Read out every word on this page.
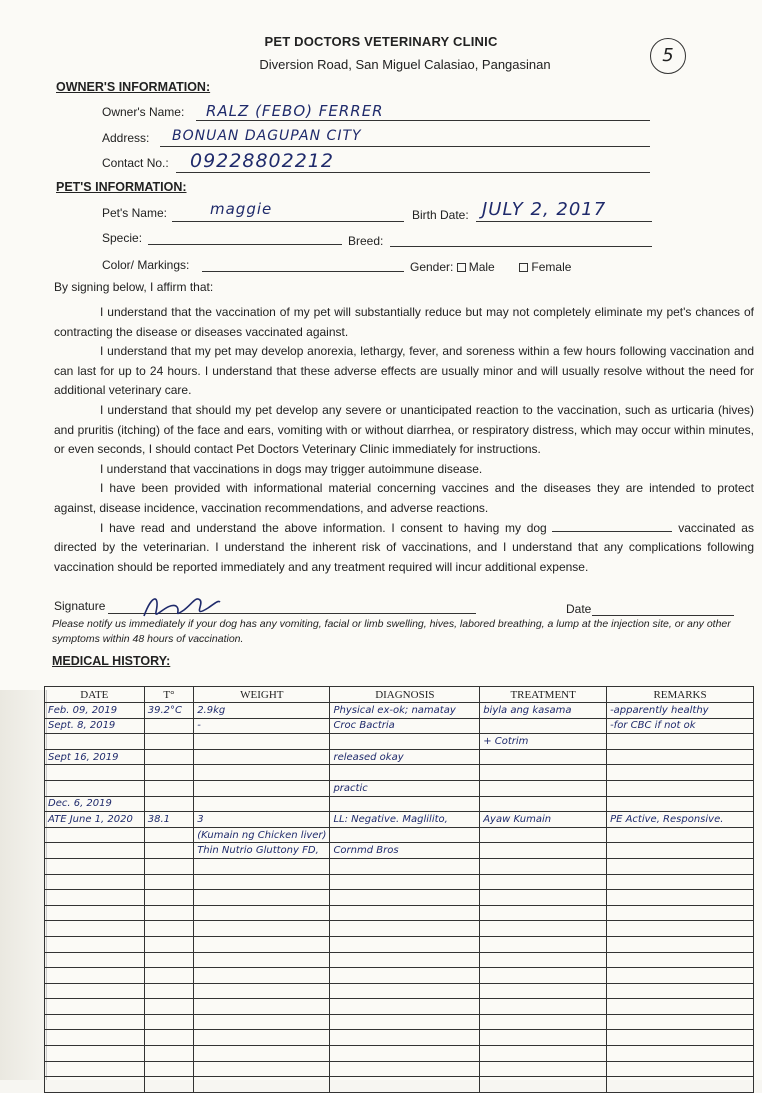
5
PET DOCTORS VETERINARY CLINIC
Diversion Road, San Miguel Calasiao, Pangasinan
OWNER'S INFORMATION:
Owner's Name: RALZ (FEBO) FERRER
Address: BONUAN DAGUPAN CITY
Contact No.: 09228802212
PET'S INFORMATION:
Pet's Name:	maggie	Birth Date: JULY 2, 2017
Specie:	Breed:
Color/ Markings:	Gender: Male	Female
By signing below, I affirm that:

I understand that the vaccination of my pet will substantially reduce but may not completely eliminate my pet's chances of contracting the disease or diseases vaccinated against.

I understand that my pet may develop anorexia, lethargy, fever, and soreness within a few hours following vaccination and can last for up to 24 hours. I understand that these adverse effects are usually minor and will usually resolve without the need for additional veterinary care.

I understand that should my pet develop any severe or unanticipated reaction to the vaccination, such as urticaria (hives) and pruritis (itching) of the face and ears, vomiting with or without diarrhea, or respiratory distress, which may occur within minutes, or even seconds, I should contact Pet Doctors Veterinary Clinic immediately for instructions.

I understand that vaccinations in dogs may trigger autoimmune disease.

I have been provided with informational material concerning vaccines and the diseases they are intended to protect against, disease incidence, vaccination recommendations, and adverse reactions.

I have read and understand the above information. I consent to having my dog	vaccinated as directed by the veterinarian. I understand the inherent risk of vaccinations, and I understand that any complications following vaccination should be reported immediately and any treatment required will incur additional expense.

Signature	Date
Please notify us immediately if your dog has any vomiting, facial or limb swelling, hives, labored breathing, a lump at the injection site, or any other symptoms within 48 hours of vaccination.
MEDICAL HISTORY:
DATE	T°	WEIGHT	DIAGNOSIS	TREATMENT	REMARKS
Feb. 09, 2019	39.2°C	2.9kg	Physical ex-ok; namatay	biyla ang kasama	-apparently healthy
Sept. 8, 2019		-	Croc Bactria		-for CBC if not ok
				+ Cotrim	
Sept 16, 2019			released okay		

			practic		
Dec. 6, 2019					
ATE June 1, 2020	38.1	3	LL: Negative. Maglilito,	Ayaw Kumain	PE Active, Responsive.
		(Kumain ng Chicken liver)			
		Thin Nutrio Gluttony FD,	Cornmd Bros		
